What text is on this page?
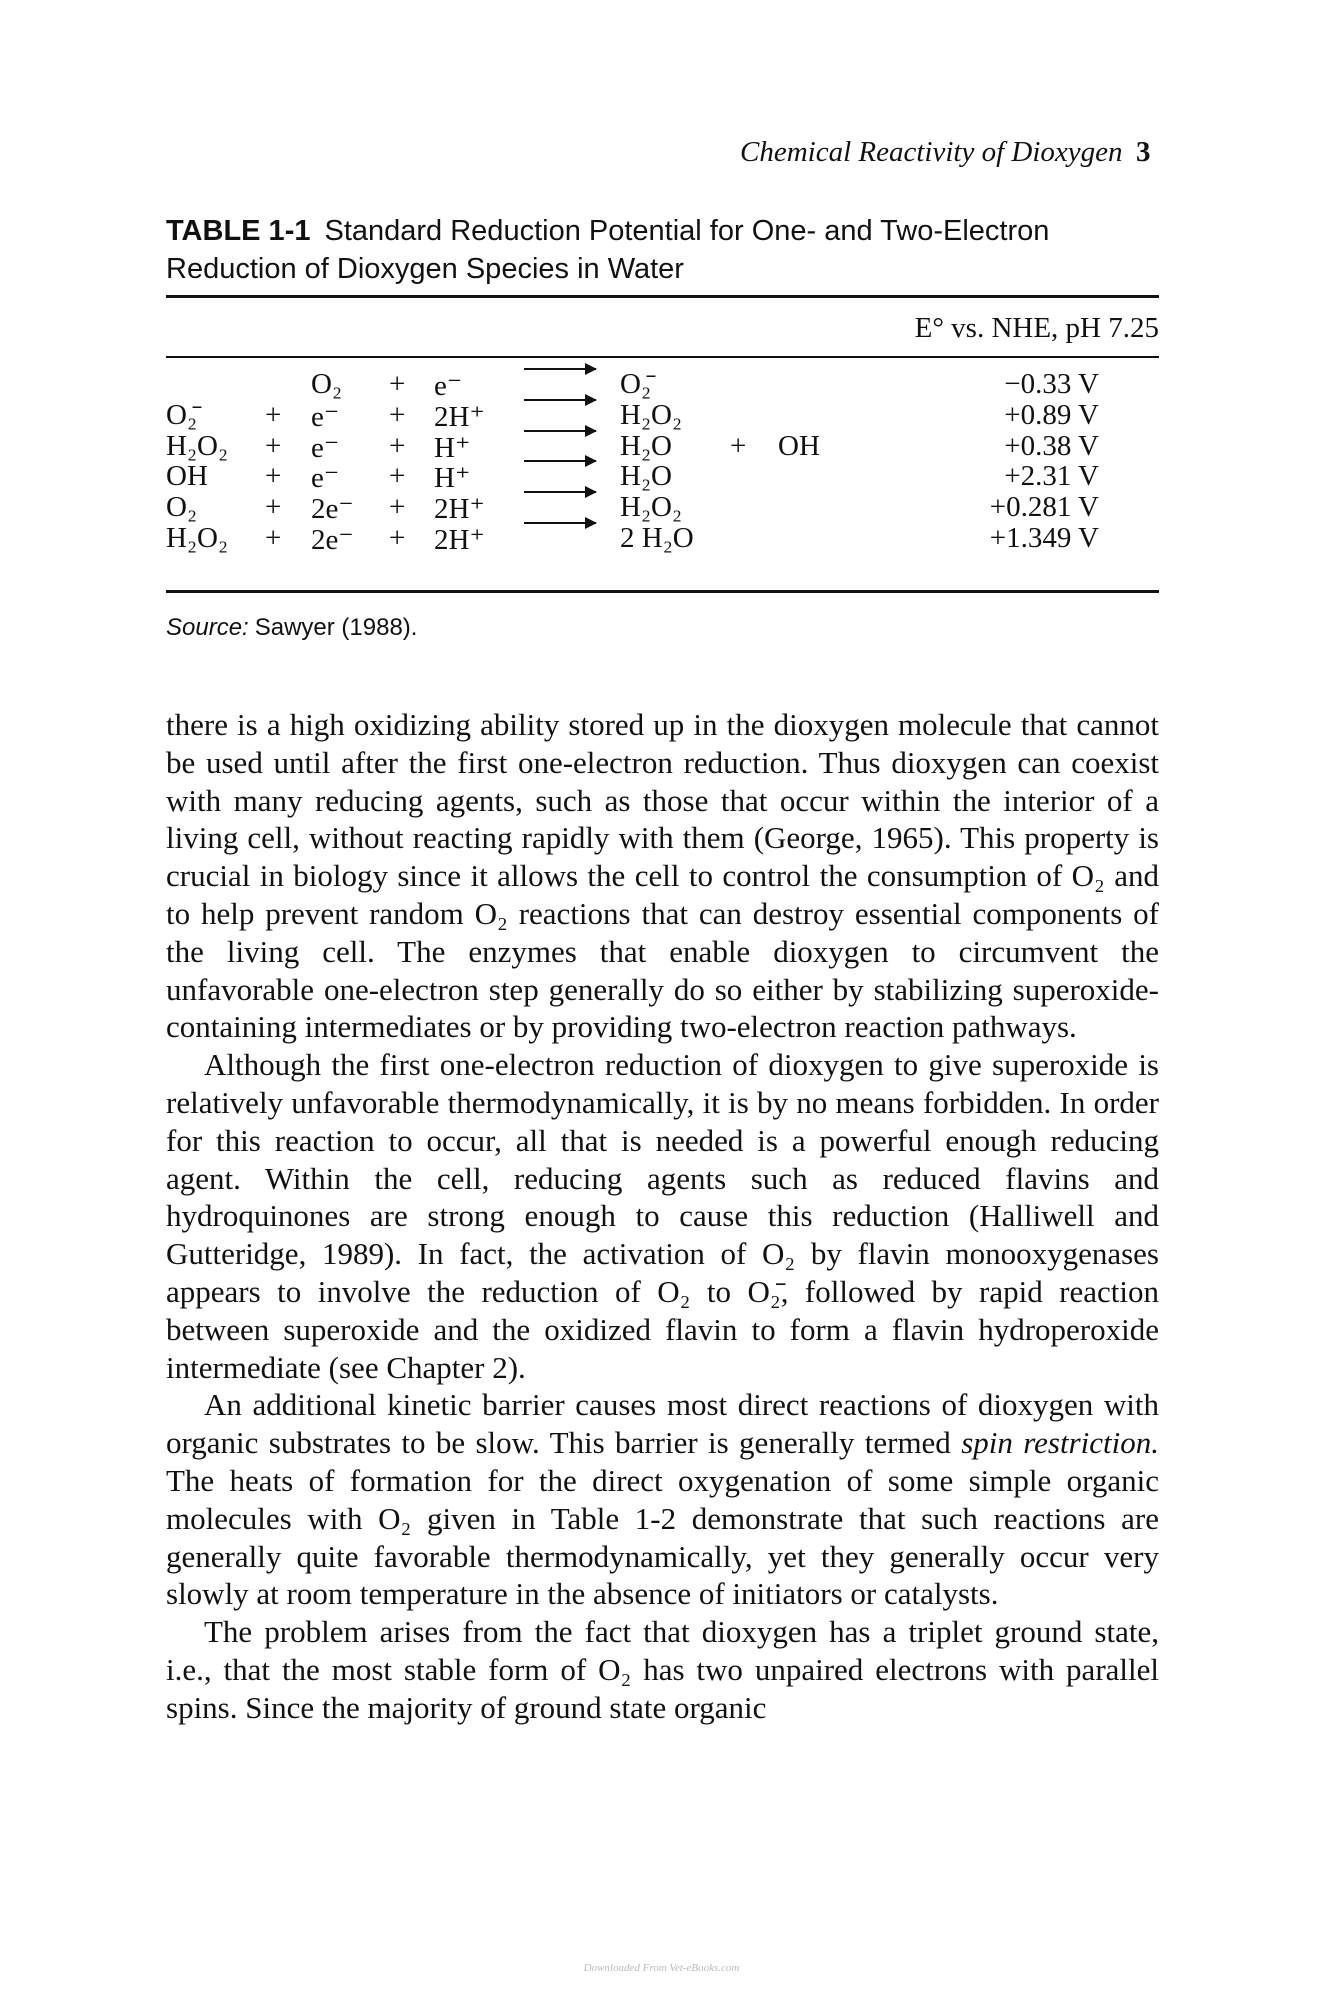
Chemical Reactivity of Dioxygen 3
TABLE 1-1 Standard Reduction Potential for One- and Two-Electron
Reduction of Dioxygen Species in Water
E° vs. NHE, pH 7.25
O₂ + e⁻	O₂̄	−0.33 V
O₂̄ + e⁻ + 2H⁺	H₂O₂	+0.89 V
H₂O₂ + e⁻ + H⁺	H₂O + OH	+0.38 V
OH + e⁻ + H⁺	H₂O	+2.31 V
O₂ + 2e⁻ + 2H⁺	H₂O₂	+0.281 V
H₂O₂ + 2e⁻ + 2H⁺	2 H₂O	+1.349 V
Source: Sawyer (1988).

there is a high oxidizing ability stored up in the dioxygen molecule that cannot be used until after the first one-electron reduction. Thus dioxygen can coexist with many reducing agents, such as those that occur within the interior of a living cell, without reacting rapidly with them (George, 1965). This property is crucial in biology since it allows the cell to control the consumption of O₂ and to help prevent random O₂ reactions that can destroy essential components of the living cell. The enzymes that enable dioxygen to circumvent the unfavorable one-electron step generally do so either by stabilizing superoxide-containing intermediates or by providing two-electron reaction pathways.

Although the first one-electron reduction of dioxygen to give superoxide is relatively unfavorable thermodynamically, it is by no means forbidden. In order for this reaction to occur, all that is needed is a powerful enough reducing agent. Within the cell, reducing agents such as reduced flavins and hydroquinones are strong enough to cause this reduction (Halliwell and Gutteridge, 1989). In fact, the activation of O₂ by flavin monooxygenases appears to involve the reduction of O₂ to O₂̄, followed by rapid reaction between superoxide and the oxidized flavin to form a flavin hydroperoxide intermediate (see Chapter 2).

An additional kinetic barrier causes most direct reactions of dioxygen with organic substrates to be slow. This barrier is generally termed spin restriction. The heats of formation for the direct oxygenation of some simple organic molecules with O₂ given in Table 1-2 demonstrate that such reactions are generally quite favorable thermodynamically, yet they generally occur very slowly at room temperature in the absence of initiators or catalysts.

The problem arises from the fact that dioxygen has a triplet ground state, i.e., that the most stable form of O₂ has two unpaired electrons with parallel spins. Since the majority of ground state organic

Downloaded From Vet-eBooks.com
